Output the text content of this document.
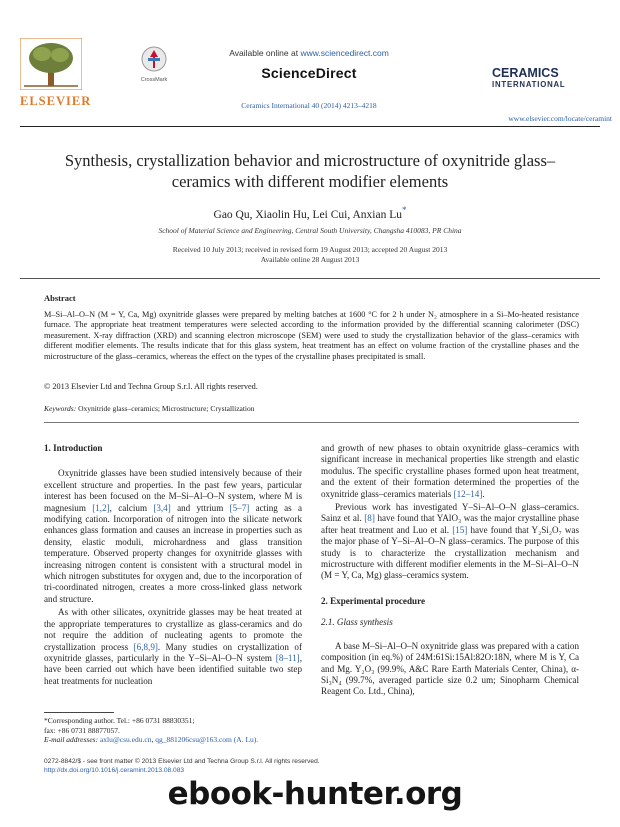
ELSEVIER
CrossMark
Available online at www.sciencedirect.com
ScienceDirect
Ceramics International 40 (2014) 4213–4218
CERAMICS
INTERNATIONAL
www.elsevier.com/locate/ceramint
Synthesis, crystallization behavior and microstructure of oxynitride glass–
ceramics with different modifier elements
Gao Qu, Xiaolin Hu, Lei Cui, Anxian Lu*
School of Material Science and Engineering, Central South University, Changsha 410083, PR China
Received 10 July 2013; received in revised form 19 August 2013; accepted 20 August 2013
Available online 28 August 2013
Abstract
M–Si–Al–O–N (M = Y, Ca, Mg) oxynitride glasses were prepared by melting batches at 1600 °C for 2 h under N₂ atmosphere in a Si–Mo-heated resistance furnace. The appropriate heat treatment temperatures were selected according to the information provided by the differential scanning calorimeter (DSC) measurement. X-ray diffraction (XRD) and scanning electron microscope (SEM) were used to study the crystallization behavior of the glass–ceramics with different modifier elements. The results indicate that for this glass system, heat treatment has an effect on volume fraction of the crystalline phases and the microstructure of the glass–ceramics, whereas the effect on the types of the crystalline phases precipitated is small.
© 2013 Elsevier Ltd and Techna Group S.r.l. All rights reserved.
Keywords: Oxynitride glass–ceramics; Microstructure; Crystallization
1. Introduction

Oxynitride glasses have been studied intensively because of their excellent structure and properties. In the past few years, particular interest has been focused on the M–Si–Al–O–N system, where M is magnesium [1,2], calcium [3,4] and yttrium [5–7] acting as a modifying cation. Incorporation of nitrogen into the silicate network enhances glass formation and causes an increase in properties such as density, elastic moduli, microhardness and glass transition temperature. Observed property changes for oxynitride glasses with increasing nitrogen content is consistent with a structural model in which nitrogen substitutes for oxygen and, due to the incorporation of tri-coordinated nitrogen, creates a more cross-linked glass network and structure.

As with other silicates, oxynitride glasses may be heat treated at the appropriate temperatures to crystallize as glass-ceramics and do not require the addition of nucleating agents to promote the crystallization process [6,8,9]. Many studies on crystallization of oxynitride glasses, particularly in the Y–Si–Al–O–N system [8–11], have been carried out which have been identified suitable two step heat treatments for nucleation

*Corresponding author. Tel.: +86 0731 88830351;
fax: +86 0731 88877057.
E-mail addresses: axlu@csu.edu.cn, qg_881206csu@163.com (A. Lu).

and growth of new phases to obtain oxynitride glass–ceramics with significant increase in mechanical properties like strength and elastic modulus. The specific crystalline phases formed upon heat treatment, and the extent of their formation determined the properties of the oxynitride glass–ceramics materials [12–14].

Previous work has investigated Y–Si–Al–O–N glass–ceramics. Sainz et al. [8] have found that YAlO₃ was the major crystalline phase after heat treatment and Luo et al. [15] have found that Y₂Si₂O₇ was the major phase of Y–Si–Al–O–N glass–ceramics. The purpose of this study is to characterize the crystallization mechanism and microstructure with different modifier elements in the M–Si–Al–O–N (M = Y, Ca, Mg) glass–ceramics system.

2. Experimental procedure
2.1. Glass synthesis

A base M–Si–Al–O–N oxynitride glass was prepared with a cation composition (in eq.%) of 24M:61Si:15Al:82O:18N, where M is Y, Ca and Mg. Y₂O₃ (99.9%, A&C Rare Earth Materials Center, China), α-Si₃N₄ (99.7%, averaged particle size 0.2 um; Sinopharm Chemical Reagent Co. Ltd., China),

0272-8842/$ - see front matter © 2013 Elsevier Ltd and Techna Group S.r.l. All rights reserved.
http://dx.doi.org/10.1016/j.ceramint.2013.08.083
ebook-hunter.org
